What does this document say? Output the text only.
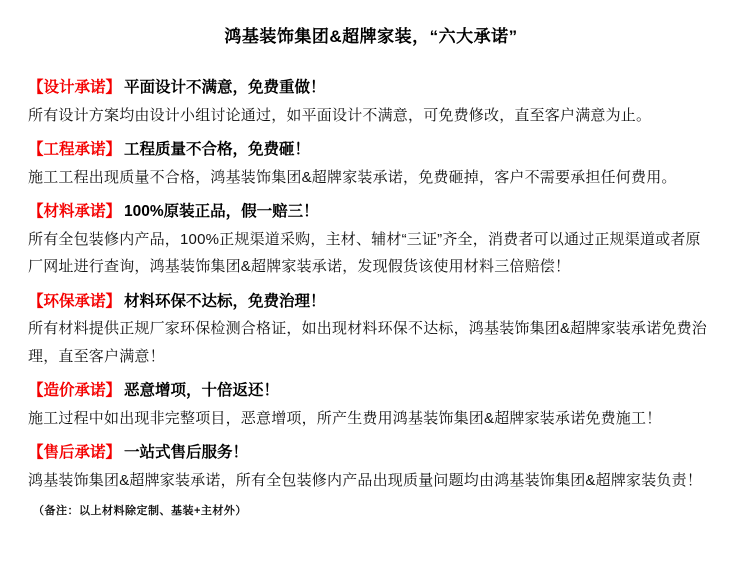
鸿基装饰集团&超牌家装，“六大承诺”
【设计承诺】 平面设计不满意，免费重做！
所有设计方案均由设计小组讨论通过，如平面设计不满意，可免费修改，直至客户满意为止。
【工程承诺】 工程质量不合格，免费砸！
施工工程出现质量不合格，鸿基装饰集团&超牌家装承诺，免费砸掉，客户不需要承担任何费用。
【材料承诺】 100%原装正品，假一赔三！
所有全包装修内产品，100%正规渠道采购，主材、辅材“三证”齐全，消费者可以通过正规渠道或者原
厂网址进行查询，鸿基装饰集团&超牌家装承诺，发现假货该使用材料三倍赔偿！
【环保承诺】 材料环保不达标，免费治理！
所有材料提供正规厂家环保检测合格证，如出现材料环保不达标，鸿基装饰集团&超牌家装承诺免费治
理，直至客户满意！
【造价承诺】 恶意增项，十倍返还！
施工过程中如出现非完整项目，恶意增项，所产生费用鸿基装饰集团&超牌家装承诺免费施工！
【售后承诺】 一站式售后服务！
鸿基装饰集团&超牌家装承诺，所有全包装修内产品出现质量问题均由鸿基装饰集团&超牌家装负责！
（备注：以上材料除定制、基装+主材外）
